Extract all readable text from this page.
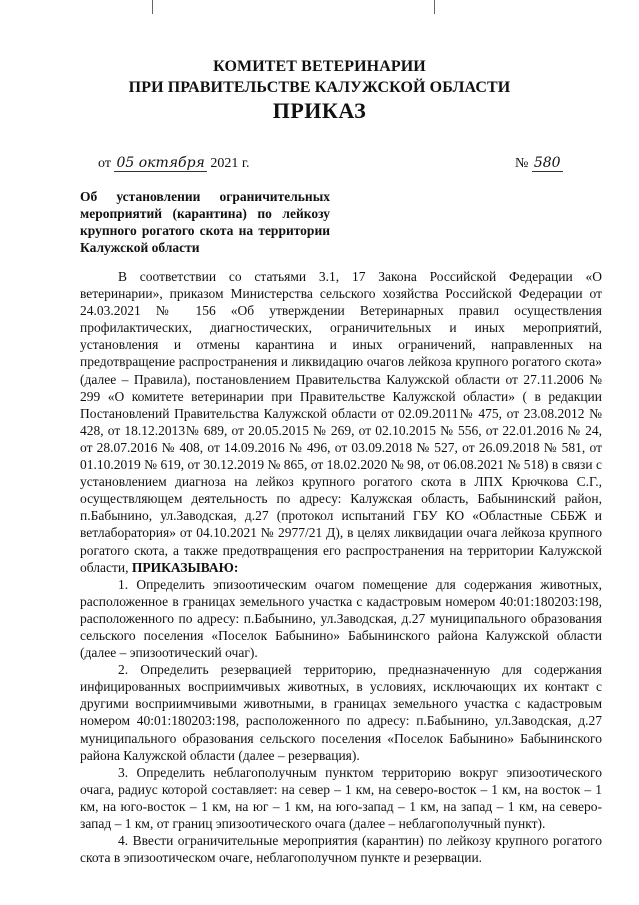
КОМИТЕТ ВЕТЕРИНАРИИ
ПРИ ПРАВИТЕЛЬСТВЕ КАЛУЖСКОЙ ОБЛАСТИ
ПРИКАЗ
от 05 октября 2021 г.	№ 580
Об установлении ограничительных мероприятий (карантина) по лейкозу крупного рогатого скота на территории Калужской области

В соответствии со статьями 3.1, 17 Закона Российской Федерации «О ветеринарии», приказом Министерства сельского хозяйства Российской Федерации от 24.03.2021 № 156 «Об утверждении Ветеринарных правил осуществления профилактических, диагностических, ограничительных и иных мероприятий, установления и отмены карантина и иных ограничений, направленных на предотвращение распространения и ликвидацию очагов лейкоза крупного рогатого скота» (далее – Правила), постановлением Правительства Калужской области от 27.11.2006 № 299 «О комитете ветеринарии при Правительстве Калужской области» ( в редакции Постановлений Правительства Калужской области от 02.09.2011№ 475, от 23.08.2012 № 428, от 18.12.2013№ 689, от 20.05.2015 № 269, от 02.10.2015 № 556, от 22.01.2016 № 24, от 28.07.2016 № 408, от 14.09.2016 № 496, от 03.09.2018 № 527, от 26.09.2018 № 581, от 01.10.2019 № 619, от 30.12.2019 № 865, от 18.02.2020 № 98, от 06.08.2021 № 518) в связи с установлением диагноза на лейкоз крупного рогатого скота в ЛПХ Крючкова С.Г., осуществляющем деятельность по адресу: Калужская область, Бабынинский район, п.Бабынино, ул.Заводская, д.27 (протокол испытаний ГБУ КО «Областные СББЖ и ветлаборатория» от 04.10.2021 № 2977/21 Д), в целях ликвидации очага лейкоза крупного рогатого скота, а также предотвращения его распространения на территории Калужской области, ПРИКАЗЫВАЮ:

1. Определить эпизоотическим очагом помещение для содержания животных, расположенное в границах земельного участка с кадастровым номером 40:01:180203:198, расположенного по адресу: п.Бабынино, ул.Заводская, д.27 муниципального образования сельского поселения «Поселок Бабынино» Бабынинского района Калужской области (далее – эпизоотический очаг).

2. Определить резервацией территорию, предназначенную для содержания инфицированных восприимчивых животных, в условиях, исключающих их контакт с другими восприимчивыми животными, в границах земельного участка с кадастровым номером 40:01:180203:198, расположенного по адресу: п.Бабынино, ул.Заводская, д.27 муниципального образования сельского поселения «Поселок Бабынино» Бабынинского района Калужской области (далее – резервация).

3. Определить неблагополучным пунктом территорию вокруг эпизоотического очага, радиус которой составляет: на север – 1 км, на северо-восток – 1 км, на восток – 1 км, на юго-восток – 1 км, на юг – 1 км, на юго-запад – 1 км, на запад – 1 км, на северо-запад – 1 км, от границ эпизоотического очага (далее – неблагополучный пункт).

4. Ввести ограничительные мероприятия (карантин) по лейкозу крупного рогатого скота в эпизоотическом очаге, неблагополучном пункте и резервации.
